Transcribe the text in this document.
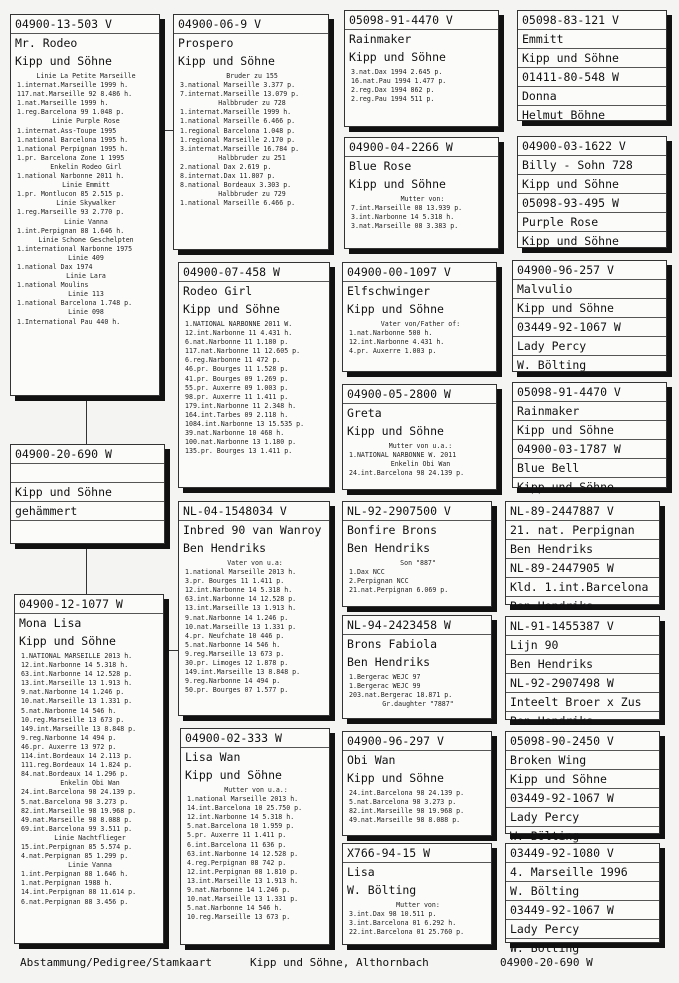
04900-13-503 V
Mr. Rodeo
Kipp und Söhne
Linie La Petite Marseille
1.internat.Marseille 1999 h.
117.nat.Marseille 92 8.486 h.
1.nat.Marseille 1999 h.
1.reg.Barcelona 99 1.048 p.
Linie Purple Rose
1.internat.Ass-Toupe 1995
1.national Barcelona 1995 h.
1.national Perpignan 1995 h.
1.pr. Barcelona Zone 1 1995
Enkelin Rodeo Girl
1.national Narbonne 2011 h.
Linie Emmitt
1.pr. Montlucon 85 2.515 p.
Linie Skywalker
1.reg.Marseille 93 2.770 p.
Linie Vanna
1.int.Perpignan 88 1.646 h.
Linie Schone Geschelpten
1.international Narbonne 1975
Linie 409
1.national Dax 1974
Linie Lara
1.national Moulins
Linie 113
1.national Barcelona 1.748 p.
Linie 098
1.International Pau 440 h.
04900-06-9 V
Prospero
Kipp und Söhne
Bruder zu 155
3.national Marseille 3.377 p.
7.internat.Marseille 13.079 p.
Halbbruder zu 728
1.internat.Marseille 1999 h.
1.national Marseille 6.466 p.
1.regional Barcelona 1.048 p.
1.regional Marseille 2.170 p.
3.internat.Marseille 16.784 p.
Halbbruder zu 251
2.national Dax 2.619 p.
8.internat.Dax 11.807 p.
8.national Bordeaux 3.303 p.
Halbbruder zu 729
1.national Marseille 6.466 p.
05098-91-4470 V
Rainmaker
Kipp und Söhne
3.nat.Dax 1994 2.645 p.
16.nat.Pau 1994 1.477 p.
2.reg.Dax 1994 862 p.
2.reg.Pau 1994 511 p.
05098-83-121 V
Emmitt
Kipp und Söhne
01411-80-548 W
Donna
Helmut Böhne
04900-04-2266 W
Blue Rose
Kipp und Söhne
Mutter von:
7.int.Marseille 08 13.939 p.
3.int.Narbonne 14 5.318 h.
3.nat.Marseille 08 3.383 p.
04900-03-1622 V
Billy - Sohn 728
Kipp und Söhne
05098-93-495 W
Purple Rose
Kipp und Söhne
04900-07-458 W
Rodeo Girl
Kipp und Söhne
1.NATIONAL NARBONNE 2011 W.
12.int.Narbonne 11 4.431 h.
6.nat.Narbonne 11 1.180 p.
117.nat.Narbonne 11 12.605 p.
6.reg.Narbonne 11 472 p.
46.pr. Bourges 11 1.528 p.
41.pr. Bourges 09 1.269 p.
55.pr. Auxerre 09 1.003 p.
98.pr. Auxerre 11 1.411 p.
179.int.Narbonne 11 2.348 h.
164.int.Tarbes 09 2.118 h.
1084.int.Narbonne 13 15.535 p.
39.nat.Narbonne 10 468 h.
100.nat.Narbonne 13 1.180 p.
135.pr. Bourges 13 1.411 p.
04900-00-1097 V
Elfschwinger
Kipp und Söhne
Vater von/Father of:
1.nat.Narbonne 500 h.
12.int.Narbonne 4.431 h.
4.pr. Auxerre 1.003 p.
04900-96-257 V
Malvulio
Kipp und Söhne
03449-92-1067 W
Lady Percy
W. Bölting
04900-05-2800 W
Greta
Kipp und Söhne
Mutter von u.a.:
1.NATIONAL NARBONNE W. 2011
Enkelin Obi Wan
24.int.Barcelona 98 24.139 p.
05098-91-4470 V
Rainmaker
Kipp und Söhne
04900-03-1787 W
Blue Bell
Kipp und Söhne
04900-20-690 W

Kipp und Söhne
gehämmert	NL-04-1548034 V
Inbred 90 van Wanroy
Ben Hendriks
Vater von u.a:
1.national Marseille 2013 h.
3.pr. Bourges 11 1.411 p.
12.int.Narbonne 14 5.318 h.
63.int.Narbonne 14 12.528 p.
13.int.Marseille 13 1.913 h.
9.nat.Narbonne 14 1.246 p.
10.nat.Marseille 13 1.331 p.
4.pr. Neufchate 10 446 p.
5.nat.Narbonne 14 546 h.
9.reg.Marseille 13 673 p.
30.pr. Limoges 12 1.878 p.
149.int.Marseille 13 8.848 p.
9.reg.Narbonne 14 494 p.
50.pr. Bourges 07 1.577 p.
NL-92-2907500 V
Bonfire Brons
Ben Hendriks
Son "887"
1.Dax NCC
2.Perpignan NCC
21.nat.Perpignan 6.069 p.
NL-89-2447887 V
21. nat. Perpignan
Ben Hendriks
NL-89-2447905 W
Kld. 1.int.Barcelona
Ben Hendriks
NL-94-2423458 W
Brons Fabiola
Ben Hendriks
1.Bergerac WEJC 97
1.Bergerac WEJC 99
203.nat.Bergerac 18.871 p.
Gr.daughter "7887"
NL-91-1455387 V
Lijn 90
Ben Hendriks
NL-92-2907498 W
Inteelt Broer x Zus
Ben Hendriks
04900-12-1077 W
Mona Lisa
Kipp und Söhne
1.NATIONAL MARSEILLE 2013 h.
12.int.Narbonne 14 5.318 h.
63.int.Narbonne 14 12.528 p.
13.int.Marseille 13 1.913 h.
9.nat.Narbonne 14 1.246 p.
10.nat.Marseille 13 1.331 p.
5.nat.Narbonne 14 546 h.
10.reg.Marseille 13 673 p.
149.int.Marseille 13 8.848 p.
9.reg.Narbonne 14 494 p.
46.pr. Auxerre 13 972 p.
114.int.Bordeaux 14 2.113 p.
111.reg.Bordeaux 14 1.824 p.
84.nat.Bordeaux 14 1.296 p.
Enkelin Obi Wan
24.int.Barcelona 98 24.139 p.
5.nat.Barcelona 98 3.273 p.
82.int.Marseille 98 19.968 p.
49.nat.Marseille 98 8.088 p.
69.int.Barcelona 99 3.511 p.
Linie Nachtflieger
15.int.Perpignan 85 5.574 p.
4.nat.Perpignan 85 1.299 p.
Linie Vanna
1.int.Perpignan 88 1.646 h.
1.nat.Perpignan 1988 h.
14.int.Perpignan 88 11.614 p.
6.nat.Perpignan 88 3.456 p.
04900-02-333 W
Lisa Wan
Kipp und Söhne
Mutter von u.a.:
1.national Marseille 2013 h.
14.int.Barcelona 10 25.750 p.
12.int.Narbonne 14 5.318 h.
5.nat.Barcelona 10 1.959 p.
5.pr. Auxerre 11 1.411 p.
6.int.Barcelona 11 636 p.
63.int.Narbonne 14 12.528 p.
4.reg.Perpignan 08 742 p.
12.int.Perpignan 08 1.810 p.
13.int.Marseille 13 1.913 h.
9.nat.Narbonne 14 1.246 p.
10.nat.Marseille 13 1.331 p.
5.nat.Narbonne 14 546 h.
10.reg.Marseille 13 673 p.
04900-96-297 V
Obi Wan
Kipp und Söhne
24.int.Barcelona 98 24.139 p.
5.nat.Barcelona 98 3.273 p.
82.int.Marseille 98 19.968 p.
49.nat.Marseille 98 8.088 p.
05098-90-2450 V
Broken Wing
Kipp und Söhne
03449-92-1067 W
Lady Percy
W. Bölting
X766-94-15 W
Lisa
W. Bölting
Mutter von:
3.int.Dax 98 10.511 p.
3.int.Barcelona 01 6.292 h.
22.int.Barcelona 01 25.760 p.
03449-92-1080 V
4. Marseille 1996
W. Bölting
03449-92-1067 W
Lady Percy
W. Bölting
Abstammung/Pedigree/Stamkaart	Kipp und Söhne, Althornbach	04900-20-690 W
